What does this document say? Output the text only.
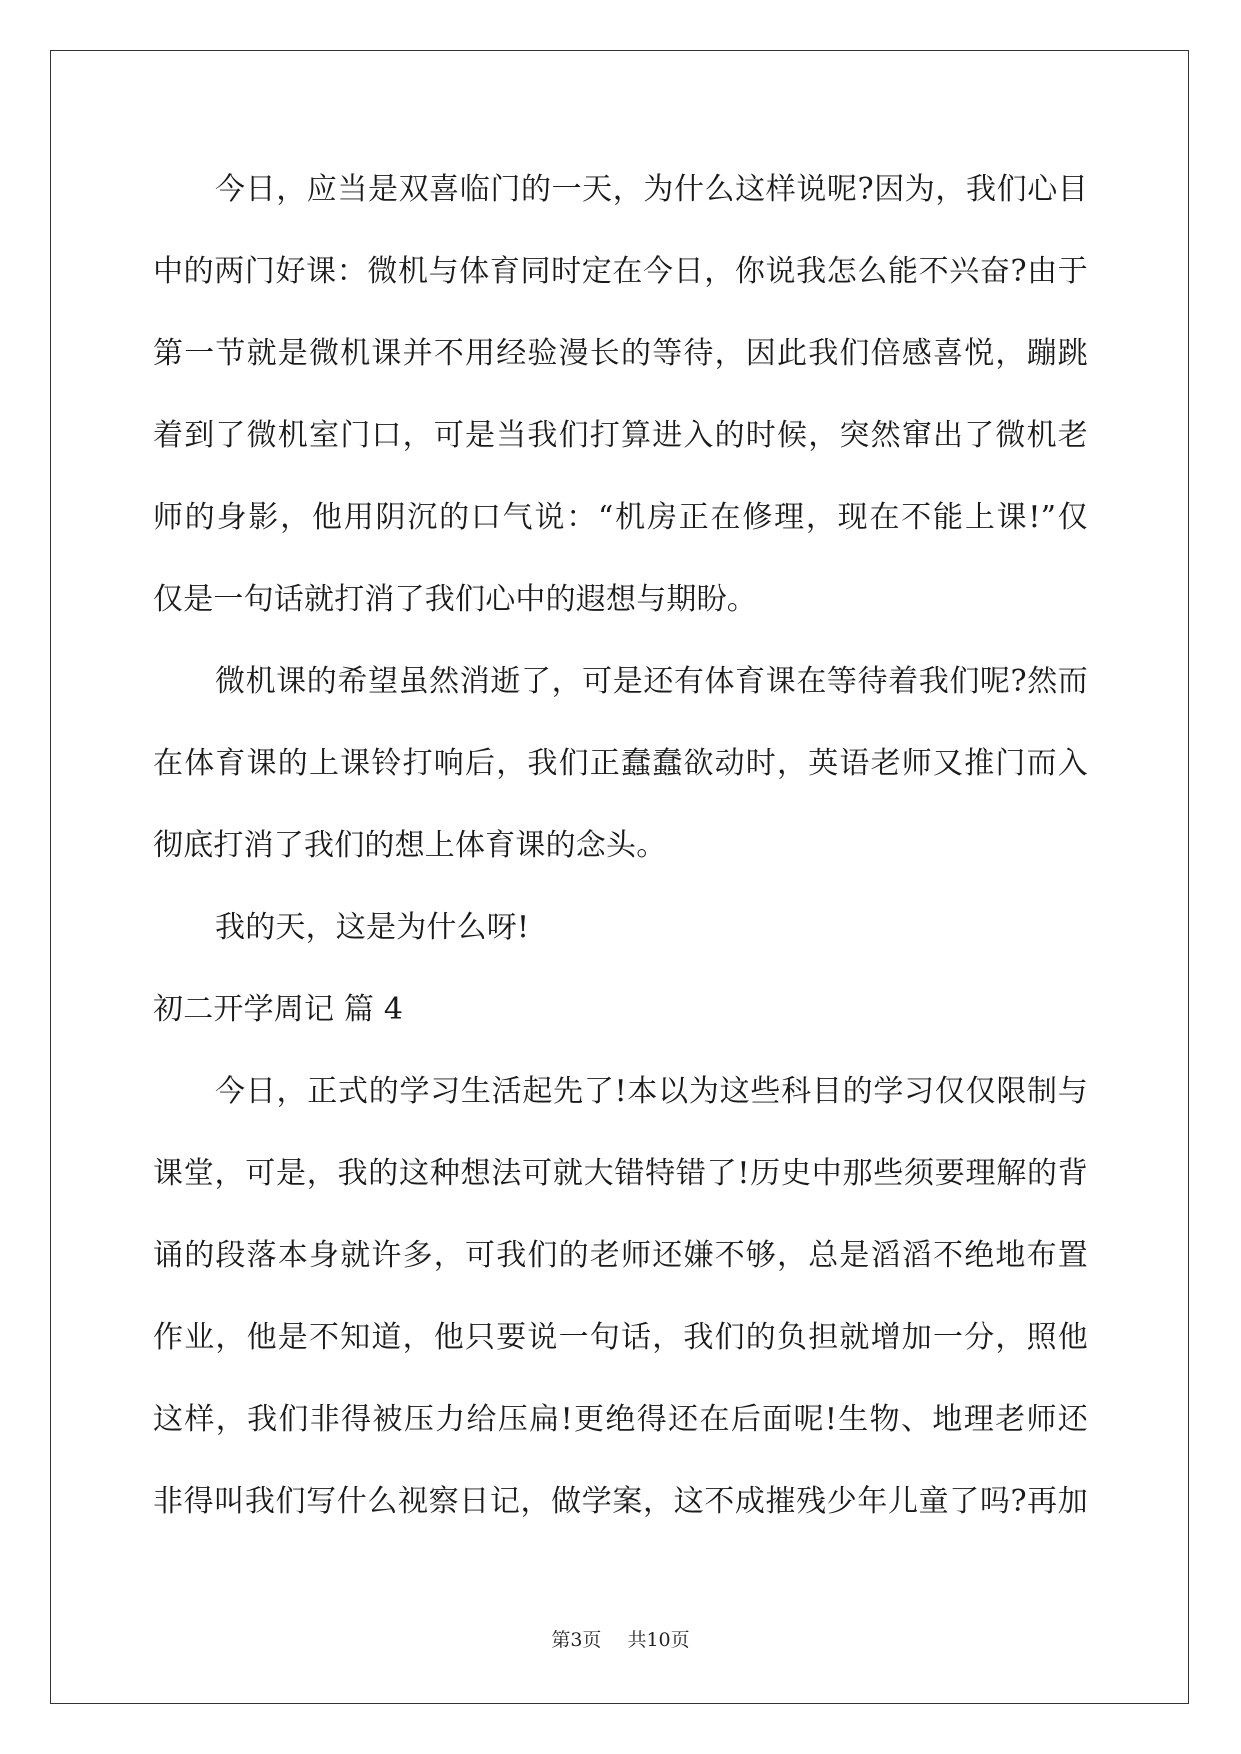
今日，应当是双喜临门的一天，为什么这样说呢?因为，我们心目
中的两门好课：微机与体育同时定在今日，你说我怎么能不兴奋?由于
第一节就是微机课并不用经验漫长的等待，因此我们倍感喜悦，蹦跳
着到了微机室门口，可是当我们打算进入的时候，突然窜出了微机老
师的身影，他用阴沉的口气说：“机房正在修理，现在不能上课!”仅
仅是一句话就打消了我们心中的遐想与期盼。
微机课的希望虽然消逝了，可是还有体育课在等待着我们呢?然而
在体育课的上课铃打响后，我们正蠢蠢欲动时，英语老师又推门而入
彻底打消了我们的想上体育课的念头。
我的天，这是为什么呀!
初二开学周记 篇 4
今日，正式的学习生活起先了!本以为这些科目的学习仅仅限制与
课堂，可是，我的这种想法可就大错特错了!历史中那些须要理解的背
诵的段落本身就许多，可我们的老师还嫌不够，总是滔滔不绝地布置
作业，他是不知道，他只要说一句话，我们的负担就增加一分，照他
这样，我们非得被压力给压扁!更绝得还在后面呢!生物、地理老师还
非得叫我们写什么视察日记，做学案，这不成摧残少年儿童了吗?再加
第3页 共10页
